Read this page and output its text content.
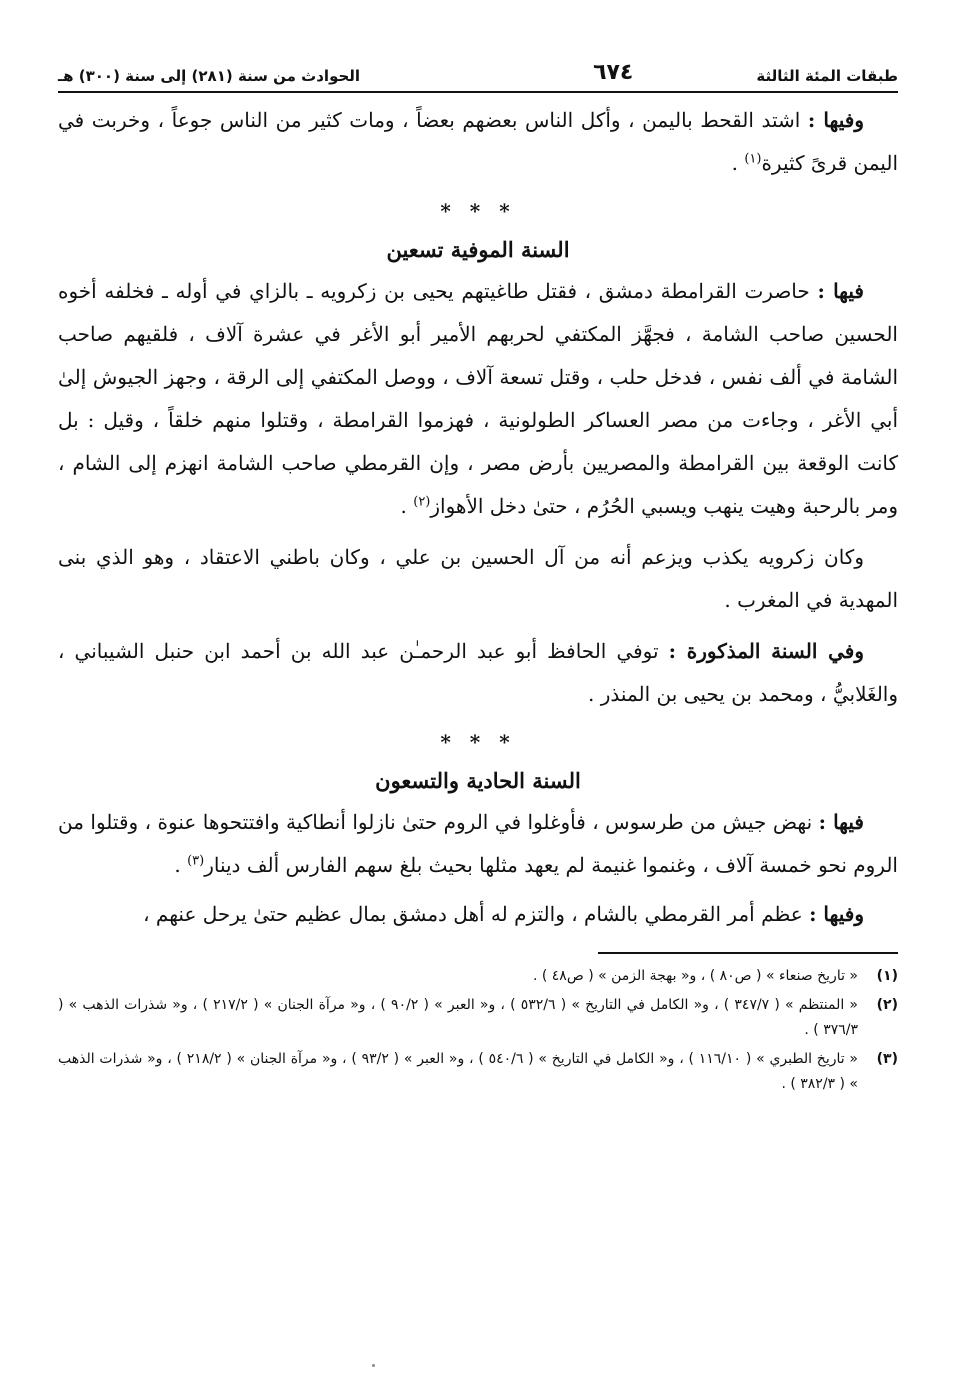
طبقات المئة الثالثة
٦٧٤
الحوادث من سنة (٢٨١) إلى سنة (٣٠٠) هـ

وفيها : اشتد القحط باليمن ، وأكل الناس بعضهم بعضاً ، ومات كثير من الناس جوعاً ، وخربت في اليمن قرىً كثيرة$^{(١)}$ .

* * *
السنة الموفية تسعين

فيها : حاصرت القرامطة دمشق ، فقتل طاغيتهم يحيى بن زكرويه ـ بالزاي في أوله ـ فخلفه أخوه الحسين صاحب الشامة ، فجهَّز المكتفي لحربهم الأمير أبو الأغر في عشرة آلاف ، فلقيهم صاحب الشامة في ألف نفس ، فدخل حلب ، وقتل تسعة آلاف ، ووصل المكتفي إلى الرقة ، وجهز الجيوش إلىٰ أبي الأغر ، وجاءت من مصر العساكر الطولونية ، فهزموا القرامطة ، وقتلوا منهم خلقاً ، وقيل : بل كانت الوقعة بين القرامطة والمصريين بأرض مصر ، وإن القرمطي صاحب الشامة انهزم إلى الشام ، ومر بالرحبة وهيت ينهب ويسبي الحُرُم ، حتىٰ دخل الأهواز$^{(٢)}$ .

وكان زكرويه يكذب ويزعم أنه من آل الحسين بن علي ، وكان باطني الاعتقاد ، وهو الذي بنى المهدية في المغرب .

وفي السنة المذكورة : توفي الحافظ أبو عبد الرحمـٰن عبد الله بن أحمد ابن حنبل الشيباني ، والغَلابيُّ ، ومحمد بن يحيى بن المنذر .

* * *
السنة الحادية والتسعون

فيها : نهض جيش من طرسوس ، فأوغلوا في الروم حتىٰ نازلوا أنطاكية وافتتحوها عنوة ، وقتلوا من الروم نحو خمسة آلاف ، وغنموا غنيمة لم يعهد مثلها بحيث بلغ سهم الفارس ألف دينار$^{(٣)}$ .

وفيها : عظم أمر القرمطي بالشام ، والتزم له أهل دمشق بمال عظيم حتىٰ يرحل عنهم ،

(١)
« تاريخ صنعاء » ( ص٨٠ ) ، و« بهجة الزمن » ( ص٤٨ ) .
(٢)
« المنتظم » ( ٣٤٧/٧ ) ، و« الكامل في التاريخ » ( ٥٣٢/٦ ) ، و« العبر » ( ٩٠/٢ ) ، و« مرآة الجنان » ( ٢١٧/٢ ) ، و« شذرات الذهب » ( ٣٧٦/٣ ) .
(٣)
« تاريخ الطبري » ( ١١٦/١٠ ) ، و« الكامل في التاريخ » ( ٥٤٠/٦ ) ، و« العبر » ( ٩٣/٢ ) ، و« مرآة الجنان » ( ٢١٨/٢ ) ، و« شذرات الذهب » ( ٣٨٢/٣ ) .
